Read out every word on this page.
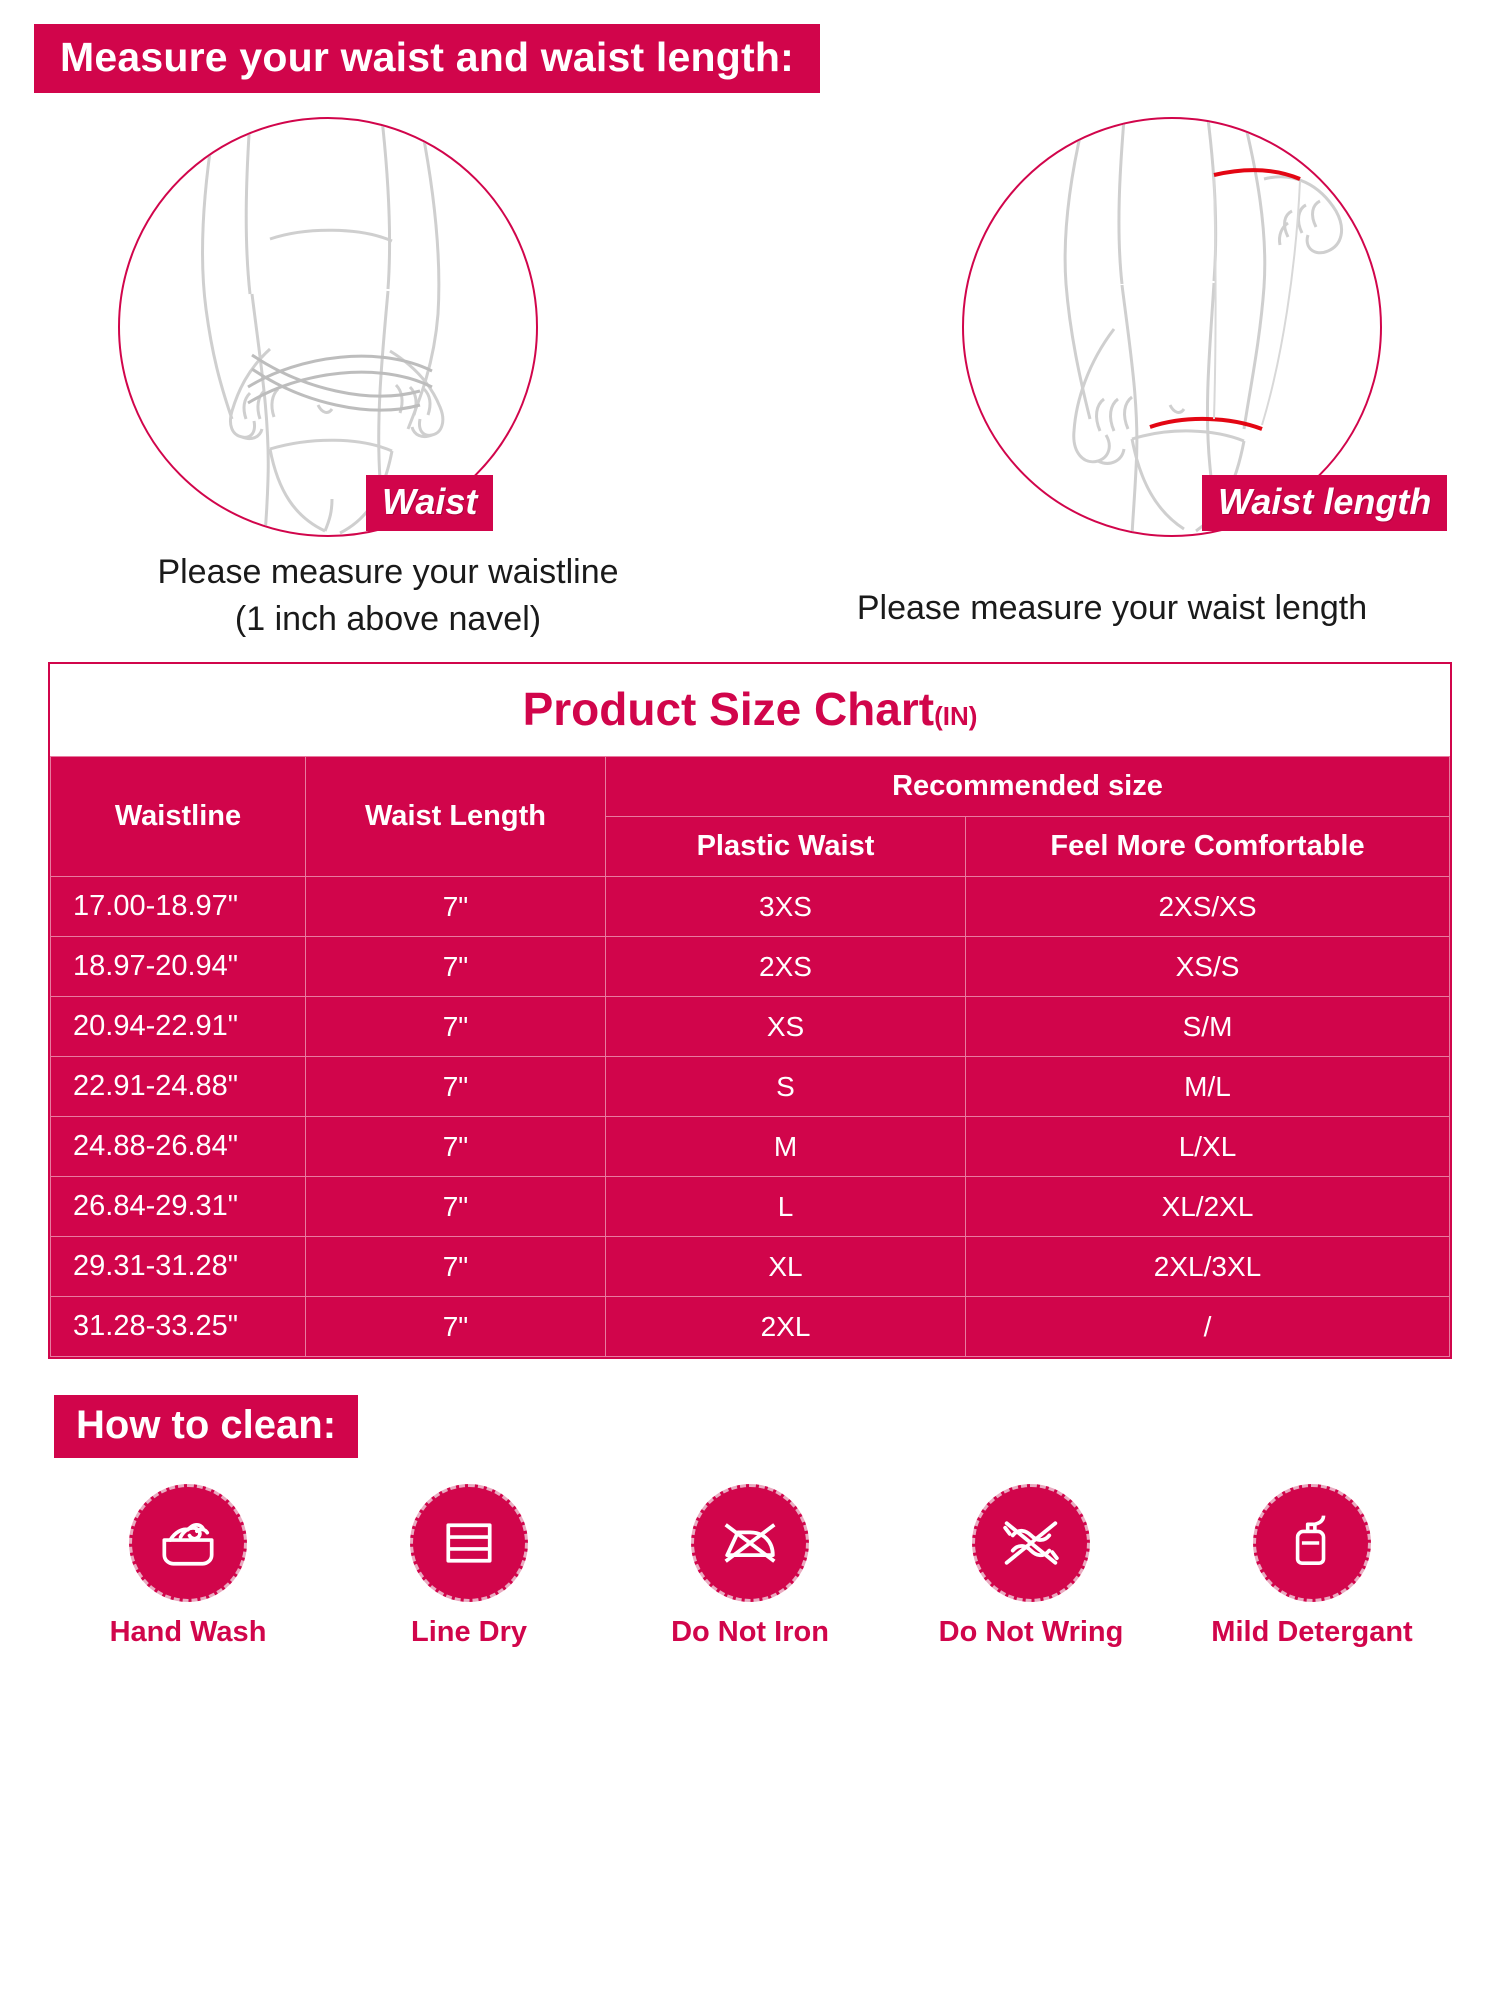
Measure your waist and waist length:
Waist	Waist length
Please measure your waistline
(1 inch above navel)	Please measure your waist length
Product Size Chart(IN)
Waistline	Waist Length	Recommended size	
		Plastic Waist	Feel More Comfortable
17.00-18.97"	7"	3XS	2XS/XS
18.97-20.94"	7"	2XS	XS/S
20.94-22.91"	7"	XS	S/M
22.91-24.88"	7"	S	M/L
24.88-26.84"	7"	M	L/XL
26.84-29.31"	7"	L	XL/2XL
29.31-31.28"	7"	XL	2XL/3XL
31.28-33.25"	7"	2XL	/
How to clean:
Hand Wash	Line Dry	Do Not Iron	Do Not Wring	Mild Detergant
